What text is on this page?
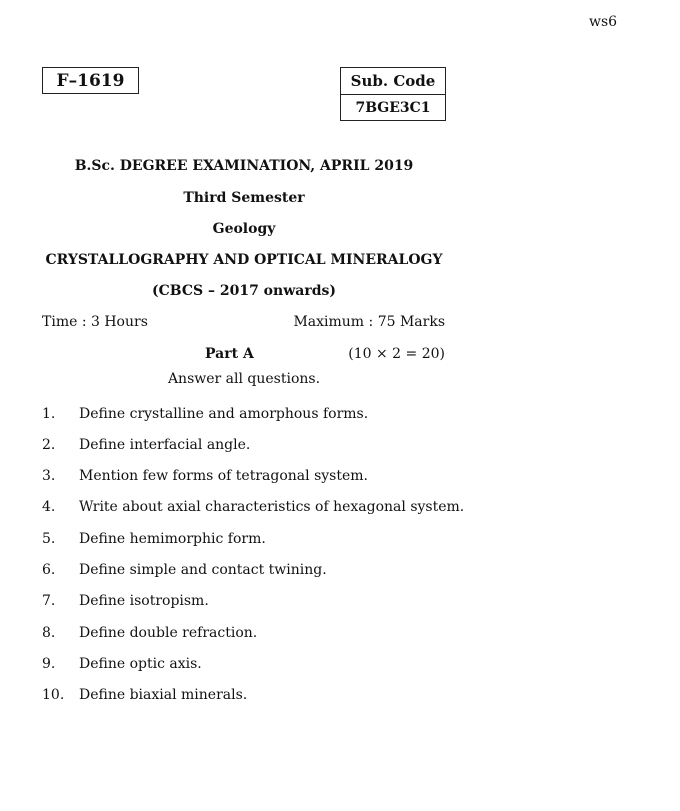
ws6
F–1619	Sub. Code
7BGE3C1
B.Sc. DEGREE EXAMINATION, APRIL 2019
Third Semester
Geology
CRYSTALLOGRAPHY AND OPTICAL MINERALOGY
(CBCS – 2017 onwards)
Time : 3 Hours	Maximum : 75 Marks
Part A	(10 × 2 = 20)
Answer all questions.
1. Define crystalline and amorphous forms.
2. Define interfacial angle.
3. Mention few forms of tetragonal system.
4. Write about axial characteristics of hexagonal system.
5. Define hemimorphic form.
6. Define simple and contact twining.
7. Define isotropism.
8. Define double refraction.
9. Define optic axis.
10. Define biaxial minerals.
